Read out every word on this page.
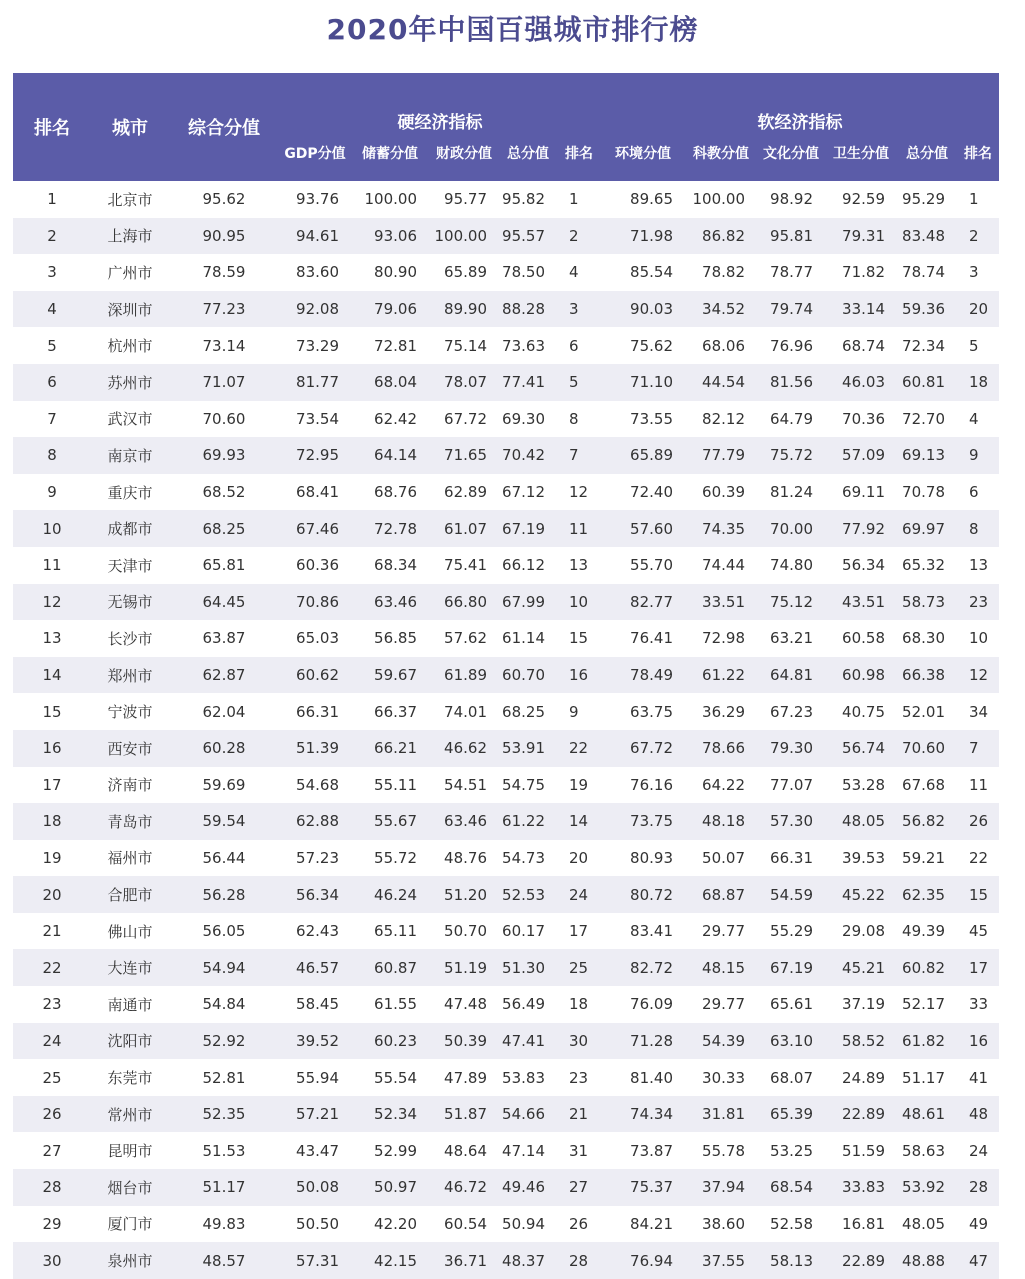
2020年中国百强城市排行榜
排名	城市	综合分值	硬经济指标					软经济指标					
			GDP分值	储蓄分值	财政分值	总分值	排名	环境分值	科教分值	文化分值	卫生分值	总分值	排名
1	北京市	95.62	93.76	100.00	95.77	95.82	1	89.65	100.00	98.92	92.59	95.29	1
2	上海市	90.95	94.61	93.06	100.00	95.57	2	71.98	86.82	95.81	79.31	83.48	2
3	广州市	78.59	83.60	80.90	65.89	78.50	4	85.54	78.82	78.77	71.82	78.74	3
4	深圳市	77.23	92.08	79.06	89.90	88.28	3	90.03	34.52	79.74	33.14	59.36	20
5	杭州市	73.14	73.29	72.81	75.14	73.63	6	75.62	68.06	76.96	68.74	72.34	5
6	苏州市	71.07	81.77	68.04	78.07	77.41	5	71.10	44.54	81.56	46.03	60.81	18
7	武汉市	70.60	73.54	62.42	67.72	69.30	8	73.55	82.12	64.79	70.36	72.70	4
8	南京市	69.93	72.95	64.14	71.65	70.42	7	65.89	77.79	75.72	57.09	69.13	9
9	重庆市	68.52	68.41	68.76	62.89	67.12	12	72.40	60.39	81.24	69.11	70.78	6
10	成都市	68.25	67.46	72.78	61.07	67.19	11	57.60	74.35	70.00	77.92	69.97	8
11	天津市	65.81	60.36	68.34	75.41	66.12	13	55.70	74.44	74.80	56.34	65.32	13
12	无锡市	64.45	70.86	63.46	66.80	67.99	10	82.77	33.51	75.12	43.51	58.73	23
13	长沙市	63.87	65.03	56.85	57.62	61.14	15	76.41	72.98	63.21	60.58	68.30	10
14	郑州市	62.87	60.62	59.67	61.89	60.70	16	78.49	61.22	64.81	60.98	66.38	12
15	宁波市	62.04	66.31	66.37	74.01	68.25	9	63.75	36.29	67.23	40.75	52.01	34
16	西安市	60.28	51.39	66.21	46.62	53.91	22	67.72	78.66	79.30	56.74	70.60	7
17	济南市	59.69	54.68	55.11	54.51	54.75	19	76.16	64.22	77.07	53.28	67.68	11
18	青岛市	59.54	62.88	55.67	63.46	61.22	14	73.75	48.18	57.30	48.05	56.82	26
19	福州市	56.44	57.23	55.72	48.76	54.73	20	80.93	50.07	66.31	39.53	59.21	22
20	合肥市	56.28	56.34	46.24	51.20	52.53	24	80.72	68.87	54.59	45.22	62.35	15
21	佛山市	56.05	62.43	65.11	50.70	60.17	17	83.41	29.77	55.29	29.08	49.39	45
22	大连市	54.94	46.57	60.87	51.19	51.30	25	82.72	48.15	67.19	45.21	60.82	17
23	南通市	54.84	58.45	61.55	47.48	56.49	18	76.09	29.77	65.61	37.19	52.17	33
24	沈阳市	52.92	39.52	60.23	50.39	47.41	30	71.28	54.39	63.10	58.52	61.82	16
25	东莞市	52.81	55.94	55.54	47.89	53.83	23	81.40	30.33	68.07	24.89	51.17	41
26	常州市	52.35	57.21	52.34	51.87	54.66	21	74.34	31.81	65.39	22.89	48.61	48
27	昆明市	51.53	43.47	52.99	48.64	47.14	31	73.87	55.78	53.25	51.59	58.63	24
28	烟台市	51.17	50.08	50.97	46.72	49.46	27	75.37	37.94	68.54	33.83	53.92	28
29	厦门市	49.83	50.50	42.20	60.54	50.94	26	84.21	38.60	52.58	16.81	48.05	49
30	泉州市	48.57	57.31	42.15	36.71	48.37	28	76.94	37.55	58.13	22.89	48.88	47
